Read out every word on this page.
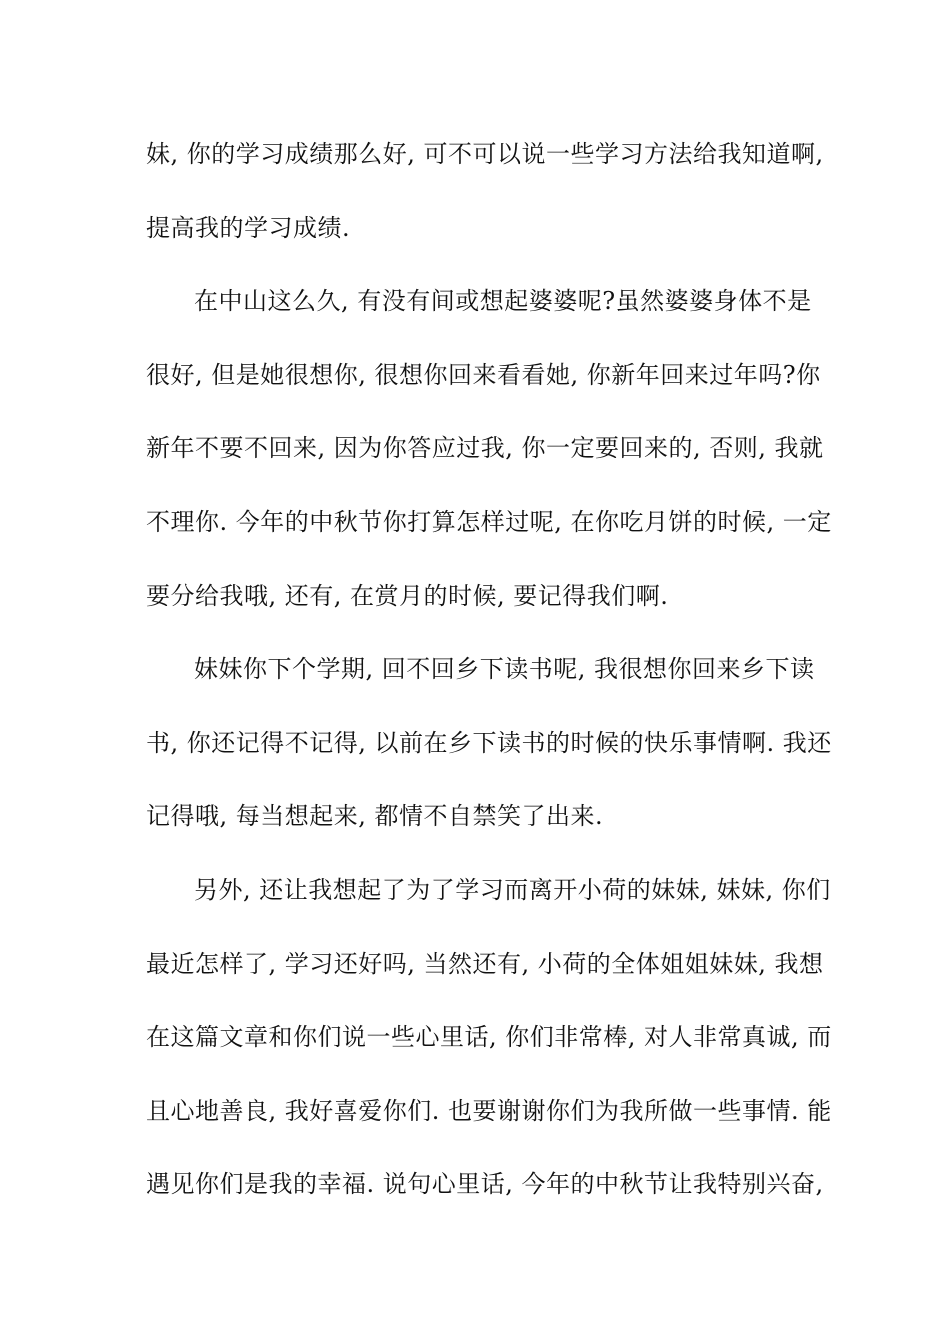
妹, 你的学习成绩那么好, 可不可以说一些学习方法给我知道啊,
提高我的学习成绩.
在中山这么久, 有没有间或想起婆婆呢?虽然婆婆身体不是
很好, 但是她很想你, 很想你回来看看她, 你新年回来过年吗?你
新年不要不回来, 因为你答应过我, 你一定要回来的, 否则, 我就
不理你. 今年的中秋节你打算怎样过呢, 在你吃月饼的时候, 一定
要分给我哦, 还有, 在赏月的时候, 要记得我们啊.
妹妹你下个学期, 回不回乡下读书呢, 我很想你回来乡下读
书, 你还记得不记得, 以前在乡下读书的时候的快乐事情啊. 我还
记得哦, 每当想起来, 都情不自禁笑了出来.
另外, 还让我想起了为了学习而离开小荷的妹妹, 妹妹, 你们
最近怎样了, 学习还好吗, 当然还有, 小荷的全体姐姐妹妹, 我想
在这篇文章和你们说一些心里话, 你们非常棒, 对人非常真诚, 而
且心地善良, 我好喜爱你们. 也要谢谢你们为我所做一些事情. 能
遇见你们是我的幸福. 说句心里话, 今年的中秋节让我特别兴奋,
